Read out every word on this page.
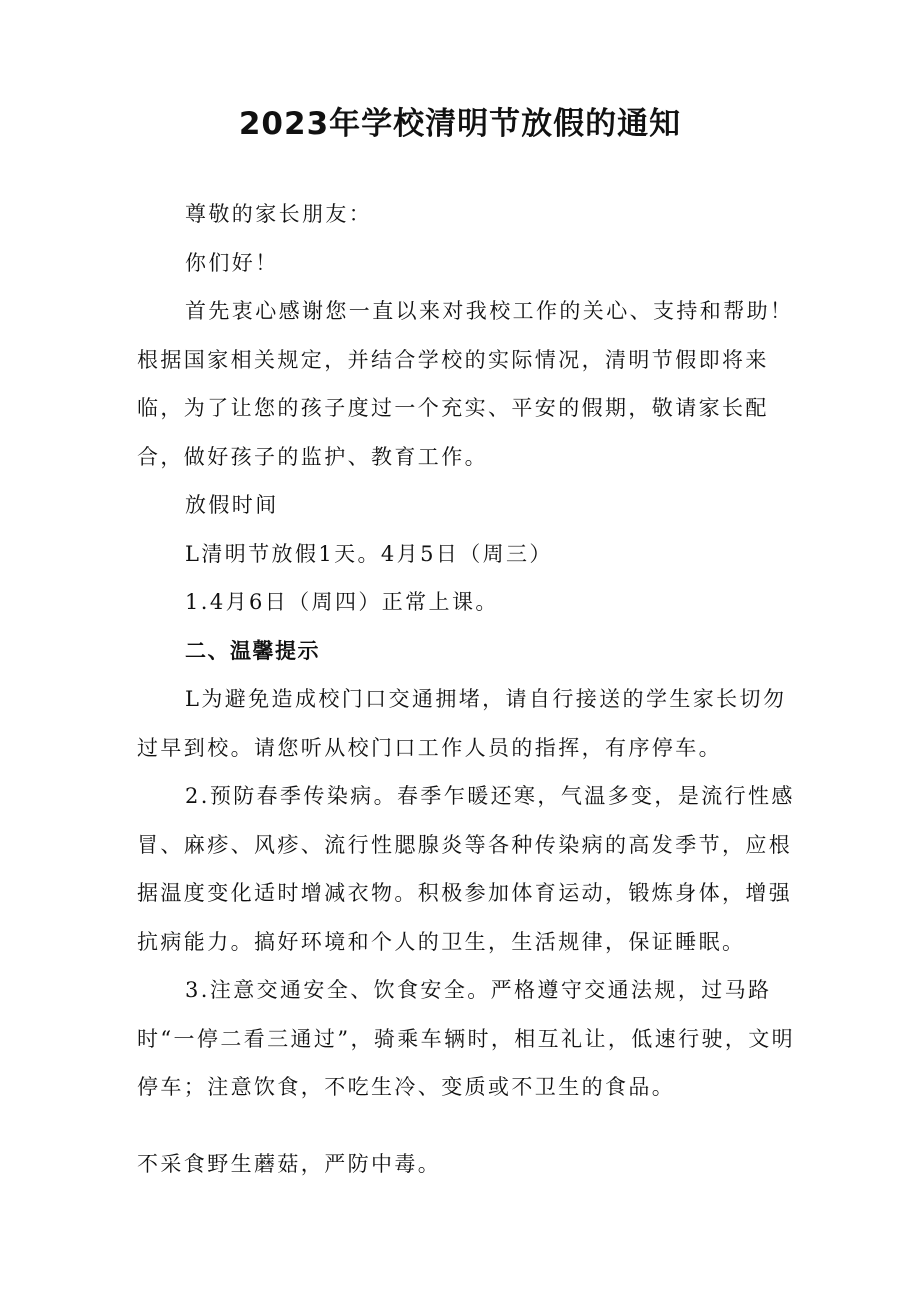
2023年学校清明节放假的通知

尊敬的家长朋友：

你们好！

首先衷心感谢您一直以来对我校工作的关心、支持和帮助！根据国家相关规定，并结合学校的实际情况，清明节假即将来临，为了让您的孩子度过一个充实、平安的假期，敬请家长配合，做好孩子的监护、教育工作。

放假时间

L清明节放假1天。4月5日（周三）

1.4月6日（周四）正常上课。

二、温馨提示

L为避免造成校门口交通拥堵，请自行接送的学生家长切勿过早到校。请您听从校门口工作人员的指挥，有序停车。

2.预防春季传染病。春季乍暖还寒，气温多变，是流行性感冒、麻疹、风疹、流行性腮腺炎等各种传染病的高发季节，应根据温度变化适时增减衣物。积极参加体育运动，锻炼身体，增强抗病能力。搞好环境和个人的卫生，生活规律，保证睡眠。

3.注意交通安全、饮食安全。严格遵守交通法规，过马路时“一停二看三通过”，骑乘车辆时，相互礼让，低速行驶，文明停车；注意饮食，不吃生冷、变质或不卫生的食品。

不采食野生蘑菇，严防中毒。
